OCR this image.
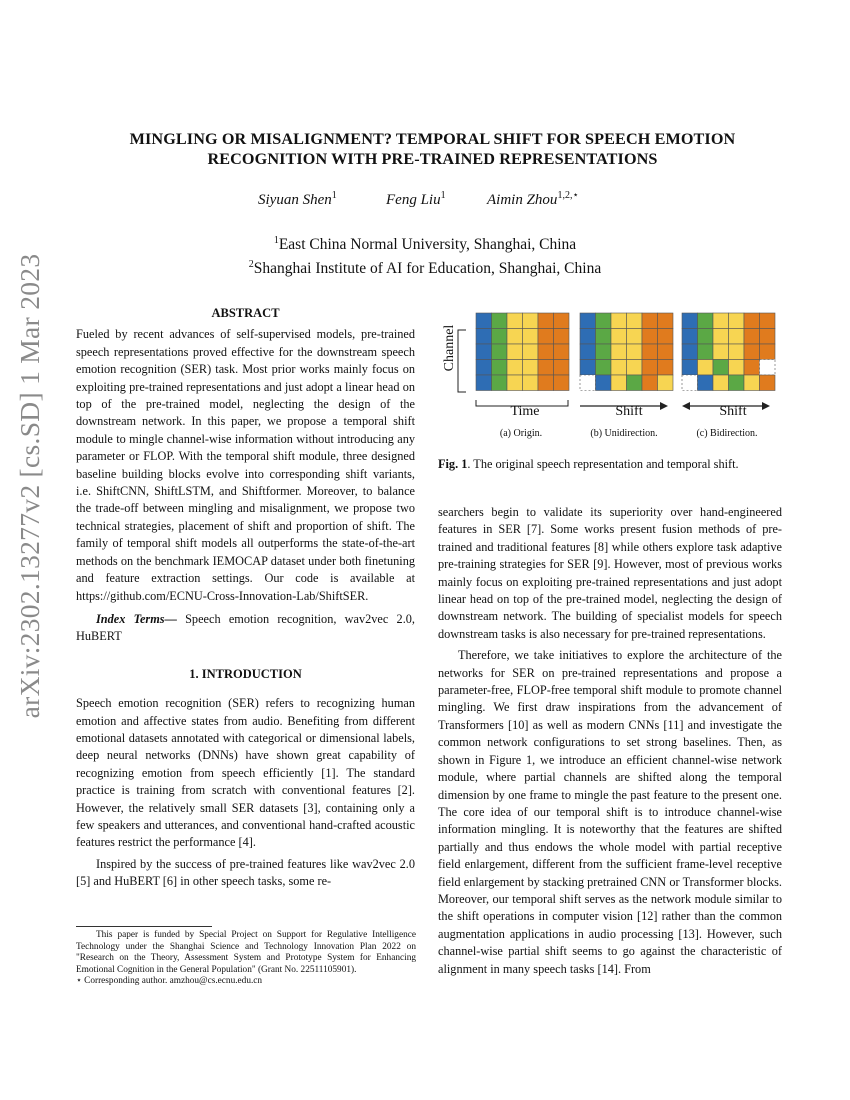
arXiv:2302.13277v2 [cs.SD] 1 Mar 2023
MINGLING OR MISALIGNMENT? TEMPORAL SHIFT FOR SPEECH EMOTION
RECOGNITION WITH PRE-TRAINED REPRESENTATIONS
Siyuan Shen$^1$	Feng Liu$^1$	Aimin Zhou$^{1,2,⋆}$
$^1$East China Normal University, Shanghai, China
$^2$Shanghai Institute of AI for Education, Shanghai, China
ABSTRACT

Fueled by recent advances of self-supervised models, pre-trained speech representations proved effective for the downstream speech emotion recognition (SER) task. Most prior works mainly focus on exploiting pre-trained representations and just adopt a linear head on top of the pre-trained model, neglecting the design of the downstream network. In this paper, we propose a temporal shift module to mingle channel-wise information without introducing any parameter or FLOP. With the temporal shift module, three designed baseline building blocks evolve into corresponding shift variants, i.e. ShiftCNN, ShiftLSTM, and Shiftformer. Moreover, to balance the trade-off between mingling and misalignment, we propose two technical strategies, placement of shift and proportion of shift. The family of temporal shift models all outperforms the state-of-the-art methods on the benchmark IEMOCAP dataset under both finetuning and feature extraction settings. Our code is available at https://github.com/ECNU-Cross-Innovation-Lab/ShiftSER.

Index Terms— Speech emotion recognition, wav2vec 2.0, HuBERT

1. INTRODUCTION

Speech emotion recognition (SER) refers to recognizing human emotion and affective states from audio. Benefiting from different emotional datasets annotated with categorical or dimensional labels, deep neural networks (DNNs) have shown great capability of recognizing emotion from speech efficiently [1]. The standard practice is training from scratch with conventional features [2]. However, the relatively small SER datasets [3], containing only a few speakers and utterances, and conventional hand-crafted acoustic features restrict the performance [4].

Inspired by the success of pre-trained features like wav2vec 2.0 [5] and HuBERT [6] in other speech tasks, some re-

This paper is funded by Special Project on Support for Regulative Intelligence Technology under the Shanghai Science and Technology Innovation Plan 2022 on "Research on the Theory, Assessment System and Prototype System for Enhancing Emotional Cognition in the General Population" (Grant No. 22511105901).

⋆ Corresponding author. amzhou@cs.ecnu.edu.cn

Channel
Time	Shift	Shift
(a) Origin.	(b) Unidirection.	(c) Bidirection.
Fig. 1. The original speech representation and temporal shift.

searchers begin to validate its superiority over hand-engineered features in SER [7]. Some works present fusion methods of pre-trained and traditional features [8] while others explore task adaptive pre-training strategies for SER [9]. However, most of previous works mainly focus on exploiting pre-trained representations and just adopt linear head on top of the pre-trained model, neglecting the design of downstream network. The building of specialist models for speech downstream tasks is also necessary for pre-trained representations.

Therefore, we take initiatives to explore the architecture of the networks for SER on pre-trained representations and propose a parameter-free, FLOP-free temporal shift module to promote channel mingling. We first draw inspirations from the advancement of Transformers [10] as well as modern CNNs [11] and investigate the common network configurations to set strong baselines. Then, as shown in Figure 1, we introduce an efficient channel-wise network module, where partial channels are shifted along the temporal dimension by one frame to mingle the past feature to the present one. The core idea of our temporal shift is to introduce channel-wise information mingling. It is noteworthy that the features are shifted partially and thus endows the whole model with partial receptive field enlargement, different from the sufficient frame-level receptive field enlargement by stacking pretrained CNN or Transformer blocks. Moreover, our temporal shift serves as the network module similar to the shift operations in computer vision [12] rather than the common augmentation applications in audio processing [13]. However, such channel-wise partial shift seems to go against the characteristic of alignment in many speech tasks [14]. From
